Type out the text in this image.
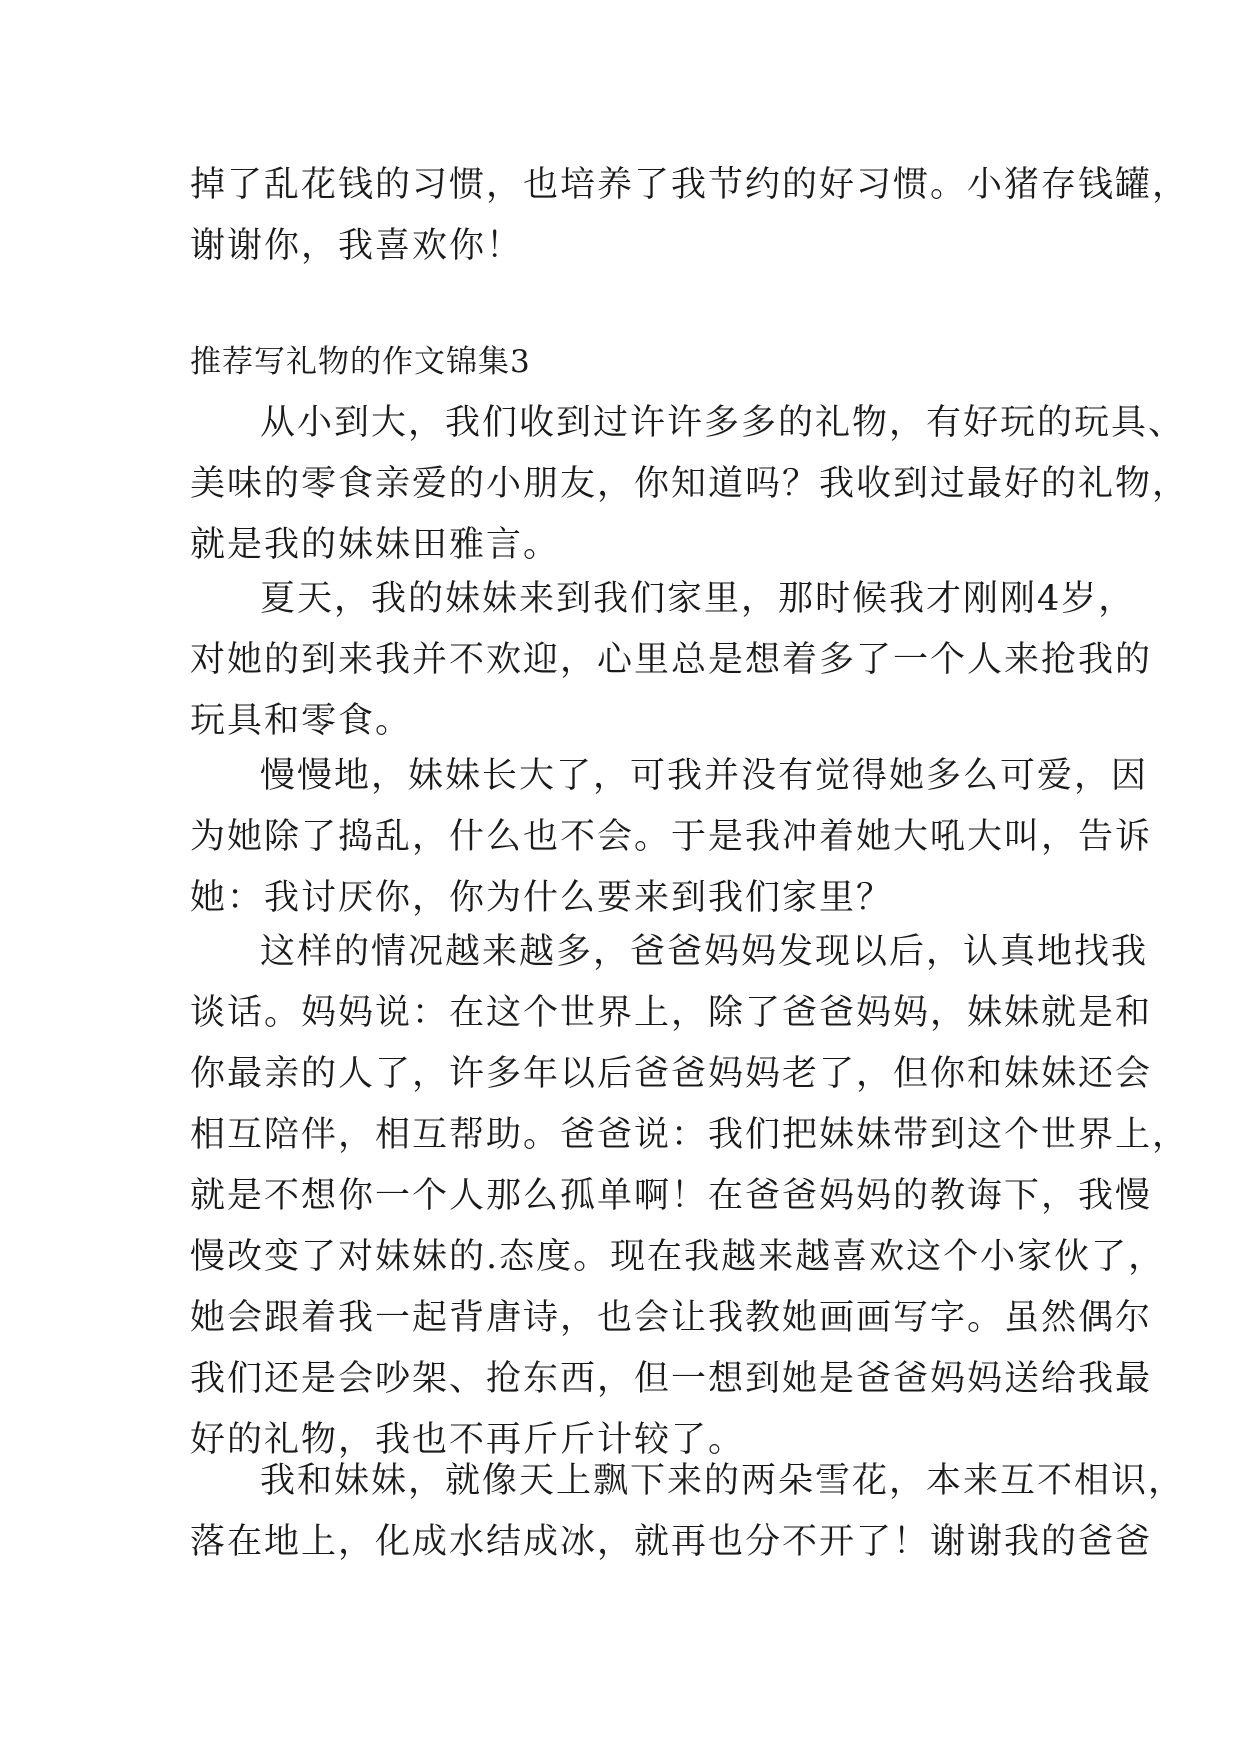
掉了乱花钱的习惯，也培养了我节约的好习惯。小猪存钱罐，
谢谢你，我喜欢你！
推荐写礼物的作文锦集3
从小到大，我们收到过许许多多的礼物，有好玩的玩具、
美味的零食亲爱的小朋友，你知道吗？我收到过最好的礼物，
就是我的妹妹田雅言。
夏天，我的妹妹来到我们家里，那时候我才刚刚4岁，
对她的到来我并不欢迎，心里总是想着多了一个人来抢我的
玩具和零食。
慢慢地，妹妹长大了，可我并没有觉得她多么可爱，因
为她除了捣乱，什么也不会。于是我冲着她大吼大叫，告诉
她：我讨厌你，你为什么要来到我们家里？
这样的情况越来越多，爸爸妈妈发现以后，认真地找我
谈话。妈妈说：在这个世界上，除了爸爸妈妈，妹妹就是和
你最亲的人了，许多年以后爸爸妈妈老了，但你和妹妹还会
相互陪伴，相互帮助。爸爸说：我们把妹妹带到这个世界上，
就是不想你一个人那么孤单啊！在爸爸妈妈的教诲下，我慢
慢改变了对妹妹的.态度。现在我越来越喜欢这个小家伙了，
她会跟着我一起背唐诗，也会让我教她画画写字。虽然偶尔
我们还是会吵架、抢东西，但一想到她是爸爸妈妈送给我最
好的礼物，我也不再斤斤计较了。
我和妹妹，就像天上飘下来的两朵雪花，本来互不相识，
落在地上，化成水结成冰，就再也分不开了！谢谢我的爸爸
